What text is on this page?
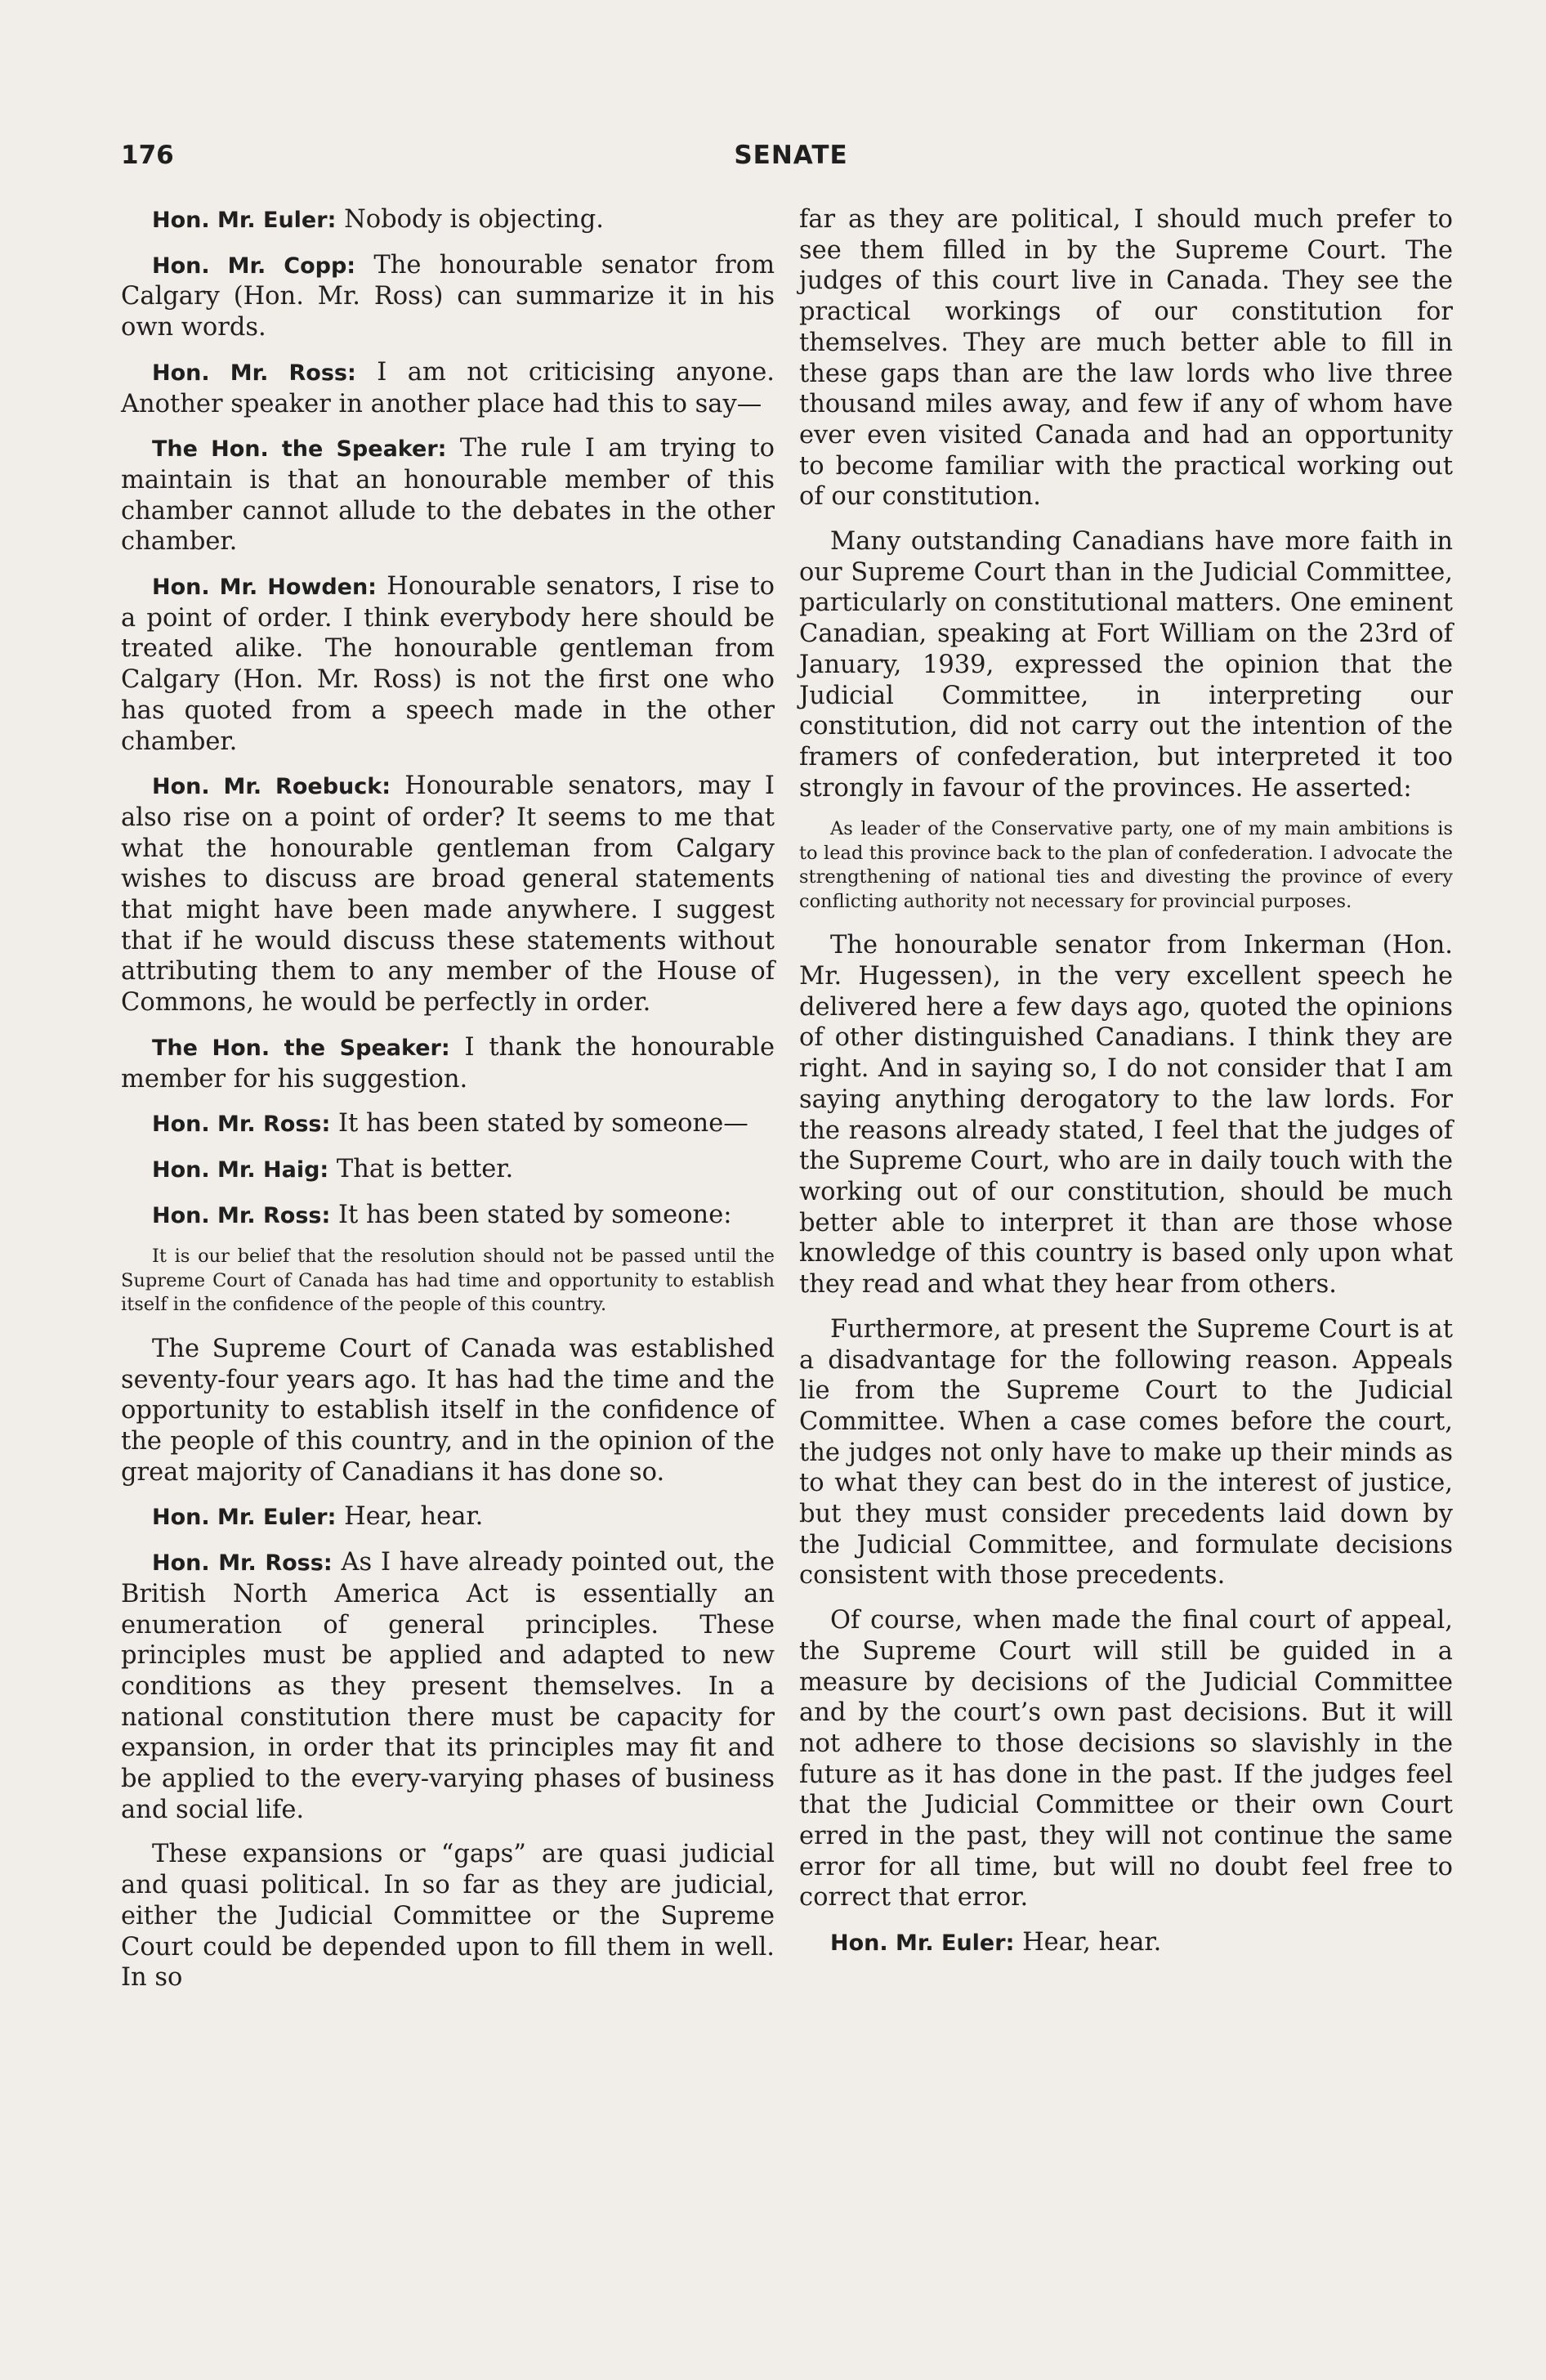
176	SENATE

Hon. Mr. Euler: Nobody is objecting.

Hon. Mr. Copp: The honourable senator from Calgary (Hon. Mr. Ross) can summarize it in his own words.

Hon. Mr. Ross: I am not criticising anyone. Another speaker in another place had this to say—

The Hon. the Speaker: The rule I am trying to maintain is that an honourable member of this chamber cannot allude to the debates in the other chamber.

Hon. Mr. Howden: Honourable senators, I rise to a point of order. I think everybody here should be treated alike. The honourable gentleman from Calgary (Hon. Mr. Ross) is not the first one who has quoted from a speech made in the other chamber.

Hon. Mr. Roebuck: Honourable senators, may I also rise on a point of order? It seems to me that what the honourable gentleman from Calgary wishes to discuss are broad general statements that might have been made anywhere. I suggest that if he would discuss these statements without attributing them to any member of the House of Commons, he would be perfectly in order.

The Hon. the Speaker: I thank the honourable member for his suggestion.

Hon. Mr. Ross: It has been stated by someone—

Hon. Mr. Haig: That is better.

Hon. Mr. Ross: It has been stated by someone:

It is our belief that the resolution should not be passed until the Supreme Court of Canada has had time and opportunity to establish itself in the confidence of the people of this country.

The Supreme Court of Canada was established seventy-four years ago. It has had the time and the opportunity to establish itself in the confidence of the people of this country, and in the opinion of the great majority of Canadians it has done so.

Hon. Mr. Euler: Hear, hear.

Hon. Mr. Ross: As I have already pointed out, the British North America Act is essentially an enumeration of general principles. These principles must be applied and adapted to new conditions as they present themselves. In a national constitution there must be capacity for expansion, in order that its principles may fit and be applied to the every-varying phases of business and social life.

These expansions or “gaps” are quasi judicial and quasi political. In so far as they are judicial, either the Judicial Committee or the Supreme Court could be depended upon to fill them in well. In so

far as they are political, I should much prefer to see them filled in by the Supreme Court. The judges of this court live in Canada. They see the practical workings of our constitution for themselves. They are much better able to fill in these gaps than are the law lords who live three thousand miles away, and few if any of whom have ever even visited Canada and had an opportunity to become familiar with the practical working out of our constitution.

Many outstanding Canadians have more faith in our Supreme Court than in the Judicial Committee, particularly on constitutional matters. One eminent Canadian, speaking at Fort William on the 23rd of January, 1939, expressed the opinion that the Judicial Committee, in interpreting our constitution, did not carry out the intention of the framers of confederation, but interpreted it too strongly in favour of the provinces. He asserted:

As leader of the Conservative party, one of my main ambitions is to lead this province back to the plan of confederation. I advocate the strengthening of national ties and divesting the province of every conflicting authority not necessary for provincial purposes.

The honourable senator from Inkerman (Hon. Mr. Hugessen), in the very excellent speech he delivered here a few days ago, quoted the opinions of other distinguished Canadians. I think they are right. And in saying so, I do not consider that I am saying anything derogatory to the law lords. For the reasons already stated, I feel that the judges of the Supreme Court, who are in daily touch with the working out of our constitution, should be much better able to interpret it than are those whose knowledge of this country is based only upon what they read and what they hear from others.

Furthermore, at present the Supreme Court is at a disadvantage for the following reason. Appeals lie from the Supreme Court to the Judicial Committee. When a case comes before the court, the judges not only have to make up their minds as to what they can best do in the interest of justice, but they must consider precedents laid down by the Judicial Committee, and formulate decisions consistent with those precedents.

Of course, when made the final court of appeal, the Supreme Court will still be guided in a measure by decisions of the Judicial Committee and by the court’s own past decisions. But it will not adhere to those decisions so slavishly in the future as it has done in the past. If the judges feel that the Judicial Committee or their own Court erred in the past, they will not continue the same error for all time, but will no doubt feel free to correct that error.

Hon. Mr. Euler: Hear, hear.
